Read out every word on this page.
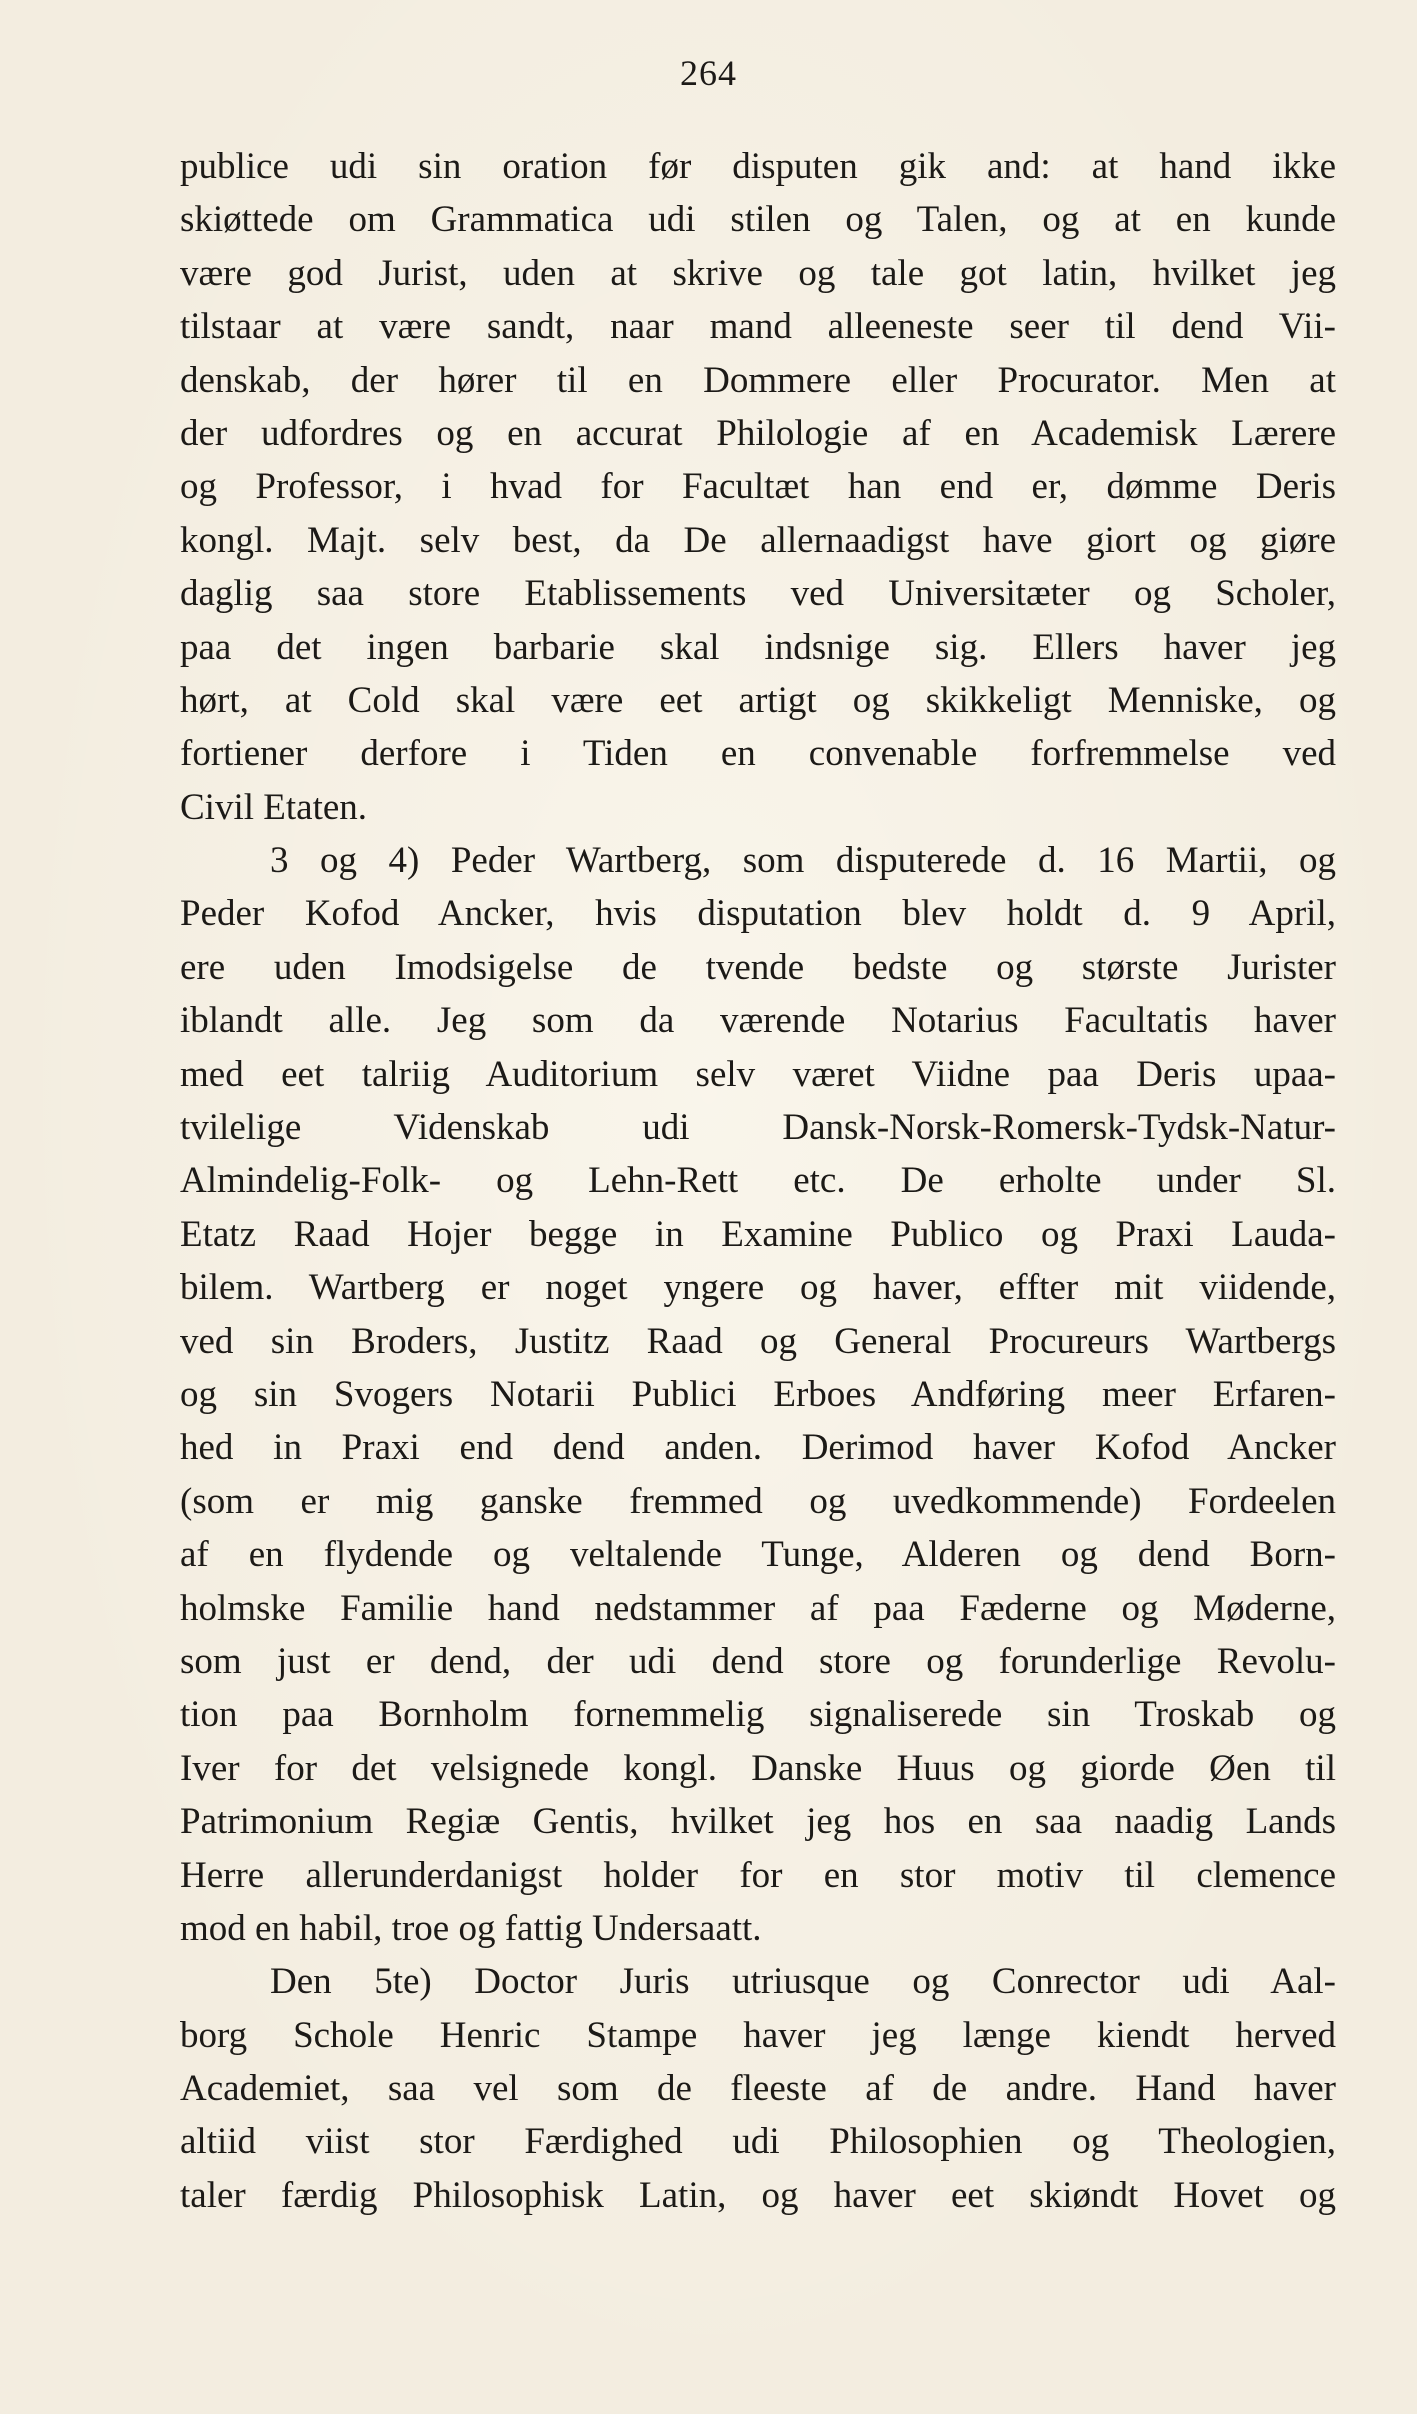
264
publice udi sin oration før disputen gik and: at hand ikke
skiøttede om Grammatica udi stilen og Talen, og at en kunde
være god Jurist, uden at skrive og tale got latin, hvilket jeg
tilstaar at være sandt, naar mand alleeneste seer til dend Vii-
denskab, der hører til en Dommere eller Procurator. Men at
der udfordres og en accurat Philologie af en Academisk Lærere
og Professor, i hvad for Facultæt han end er, dømme Deris
kongl. Majt. selv best, da De allernaadigst have giort og giøre
daglig saa store Etablissements ved Universitæter og Scholer,
paa det ingen barbarie skal indsnige sig. Ellers haver jeg
hørt, at Cold skal være eet artigt og skikkeligt Menniske, og
fortiener derfore i Tiden en convenable forfremmelse ved
Civil Etaten.
3 og 4) Peder Wartberg, som disputerede d. 16 Martii, og
Peder Kofod Ancker, hvis disputation blev holdt d. 9 April,
ere uden Imodsigelse de tvende bedste og største Jurister
iblandt alle. Jeg som da værende Notarius Facultatis haver
med eet talriig Auditorium selv været Viidne paa Deris upaa-
tvilelige Videnskab udi Dansk-Norsk-Romersk-Tydsk-Natur-
Almindelig-Folk- og Lehn-Rett etc. De erholte under Sl.
Etatz Raad Hojer begge in Examine Publico og Praxi Lauda-
bilem. Wartberg er noget yngere og haver, effter mit viidende,
ved sin Broders, Justitz Raad og General Procureurs Wartbergs
og sin Svogers Notarii Publici Erboes Andføring meer Erfaren-
hed in Praxi end dend anden. Derimod haver Kofod Ancker
(som er mig ganske fremmed og uvedkommende) Fordeelen
af en flydende og veltalende Tunge, Alderen og dend Born-
holmske Familie hand nedstammer af paa Fæderne og Møderne,
som just er dend, der udi dend store og forunderlige Revolu-
tion paa Bornholm fornemmelig signaliserede sin Troskab og
Iver for det velsignede kongl. Danske Huus og giorde Øen til
Patrimonium Regiæ Gentis, hvilket jeg hos en saa naadig Lands
Herre allerunderdanigst holder for en stor motiv til clemence
mod en habil, troe og fattig Undersaatt.
Den 5te) Doctor Juris utriusque og Conrector udi Aal-
borg Schole Henric Stampe haver jeg længe kiendt herved
Academiet, saa vel som de fleeste af de andre. Hand haver
altiid viist stor Færdighed udi Philosophien og Theologien,
taler færdig Philosophisk Latin, og haver eet skiøndt Hovet og
